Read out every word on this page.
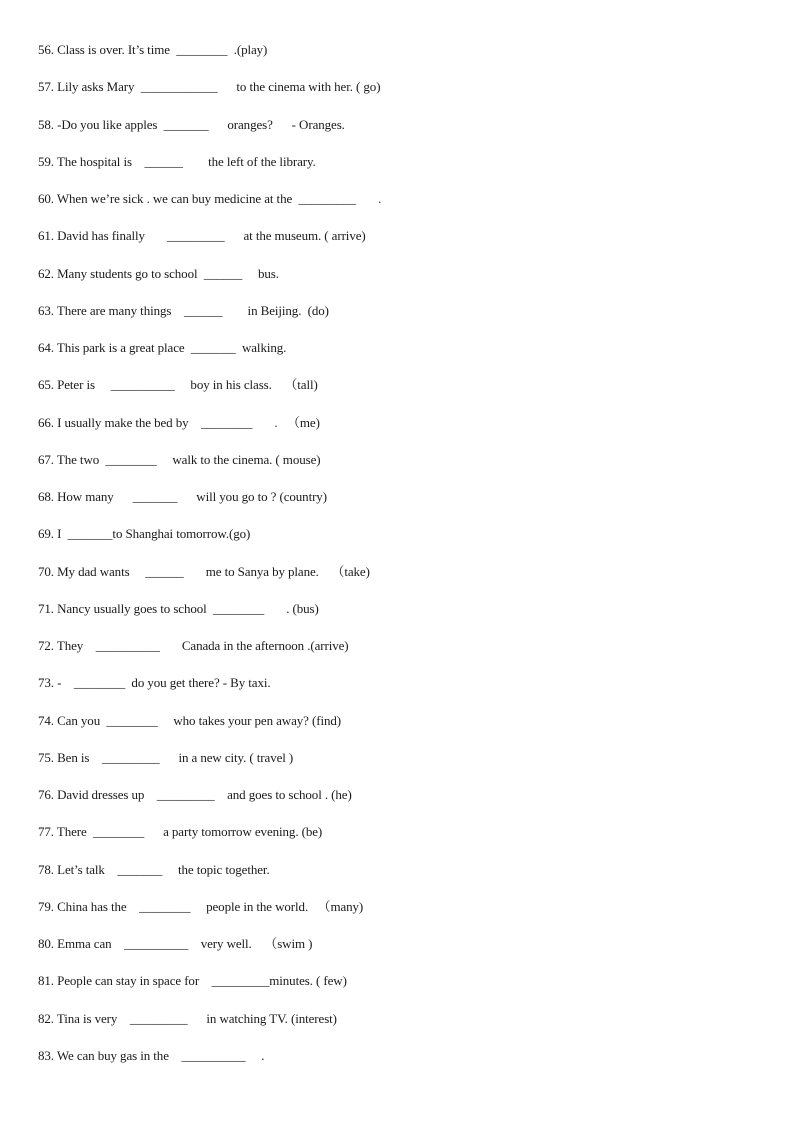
56. Class is over. It’s time  ________  .(play)
57. Lily asks Mary  ____________      to the cinema with her. ( go)
58. -Do you like apples  _______      oranges?      - Oranges.
59. The hospital is    ______        the left of the library.
60. When we’re sick . we can buy medicine at the  _________       .
61. David has finally       _________      at the museum. ( arrive)
62. Many students go to school  ______     bus.
63. There are many things    ______        in Beijing.  (do)
64. This park is a great place  _______  walking.
65. Peter is     __________     boy in his class.    （tall)
66. I usually make the bed by    ________       .   （me)
67. The two  ________     walk to the cinema. ( mouse)
68. How many      _______      will you go to ? (country)
69. I  _______to Shanghai tomorrow.(go)
70. My dad wants     ______       me to Sanya by plane.    （take)
71. Nancy usually goes to school  ________       . (bus)
72. They    __________       Canada in the afternoon .(arrive)
73. -    ________  do you get there? - By taxi.
74. Can you  ________     who takes your pen away? (find)
75. Ben is    _________      in a new city. ( travel )
76. David dresses up    _________    and goes to school . (he)
77. There  ________      a party tomorrow evening. (be)
78. Let’s talk    _______     the topic together.
79. China has the    ________     people in the world.   （many)
80. Emma can    __________    very well.    （swim )
81. People can stay in space for    _________minutes. ( few)
82. Tina is very    _________      in watching TV. (interest)
83. We can buy gas in the    __________     .
